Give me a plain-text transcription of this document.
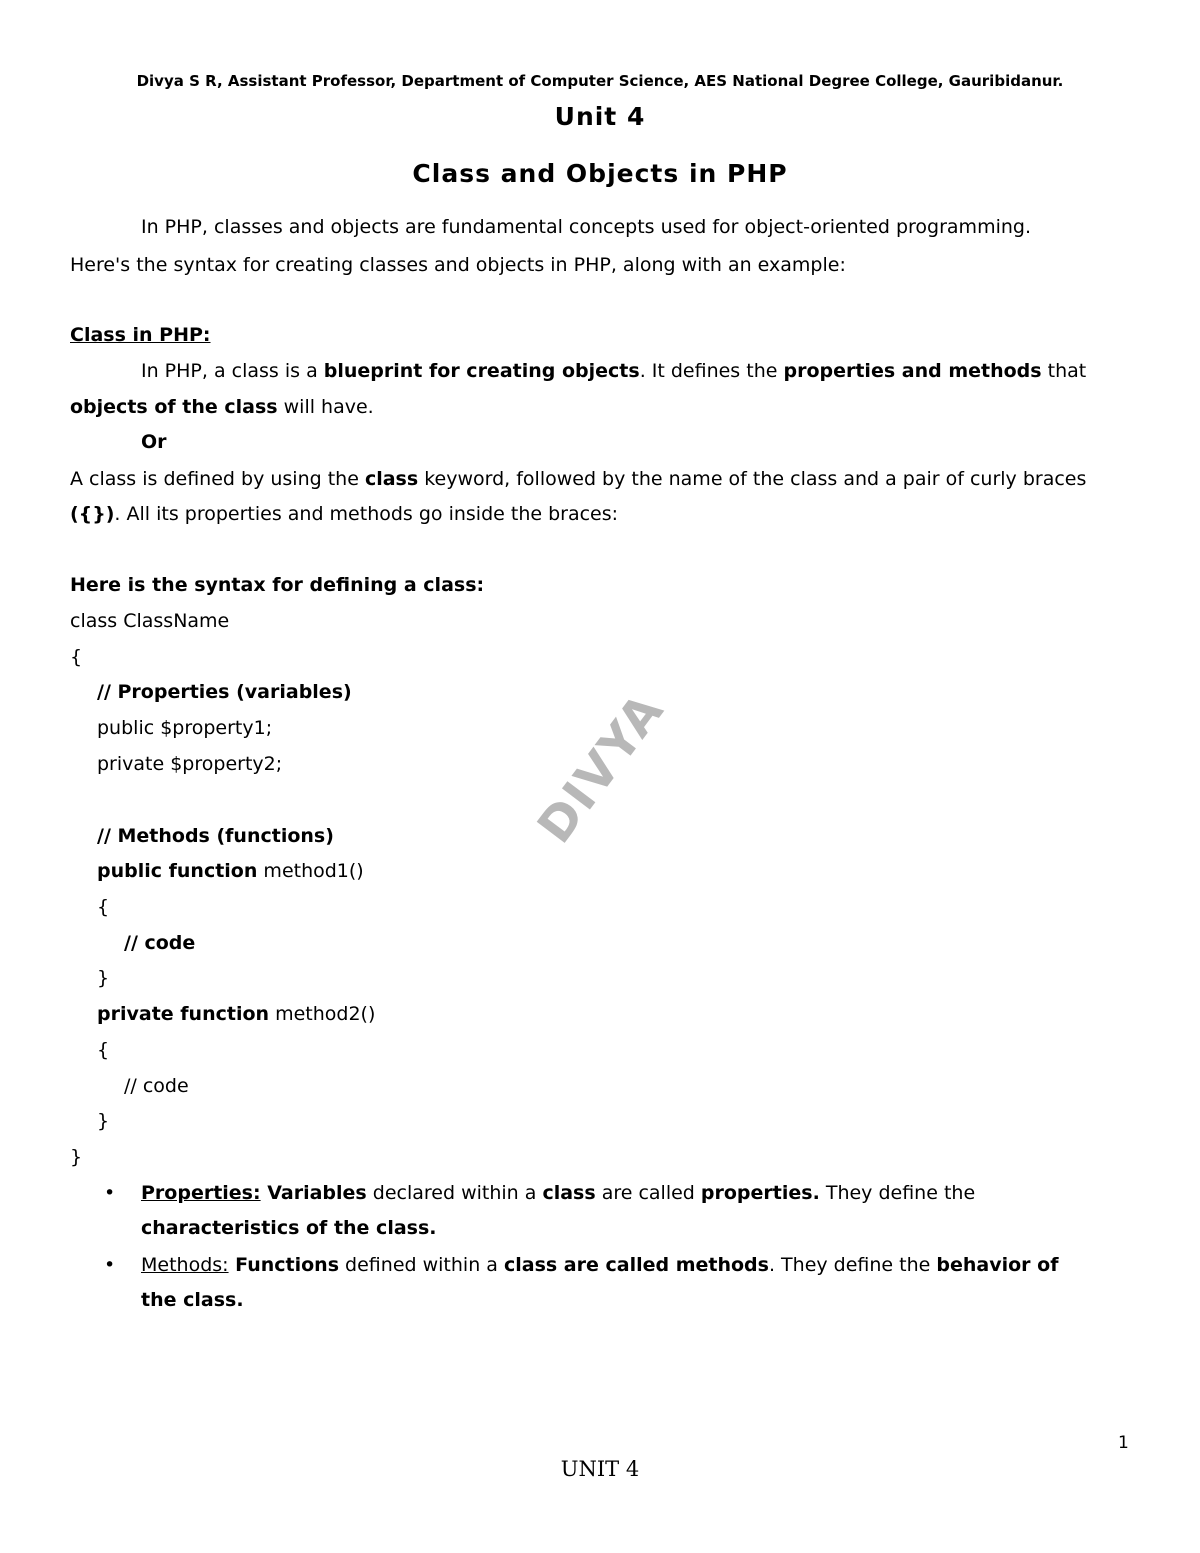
Divya S R, Assistant Professor, Department of Computer Science, AES National Degree College, Gauribidanur.
Unit 4
Class and Objects in PHP
In PHP, classes and objects are fundamental concepts used for object-oriented programming.
Here's the syntax for creating classes and objects in PHP, along with an example:
Class in PHP:
In PHP, a class is a blueprint for creating objects. It defines the properties and methods that
objects of the class will have.
Or
A class is defined by using the class keyword, followed by the name of the class and a pair of curly braces
({}). All its properties and methods go inside the braces:
Here is the syntax for defining a class:
class ClassName
{
// Properties (variables)
public $property1;
private $property2;
// Methods (functions)
public function method1()
{
// code
}
private function method2()
{
// code
}
}
• Properties: Variables declared within a class are called properties. They define the
characteristics of the class.
• Methods: Functions defined within a class are called methods. They define the behavior of
the class.
DIVYA
1
UNIT 4
